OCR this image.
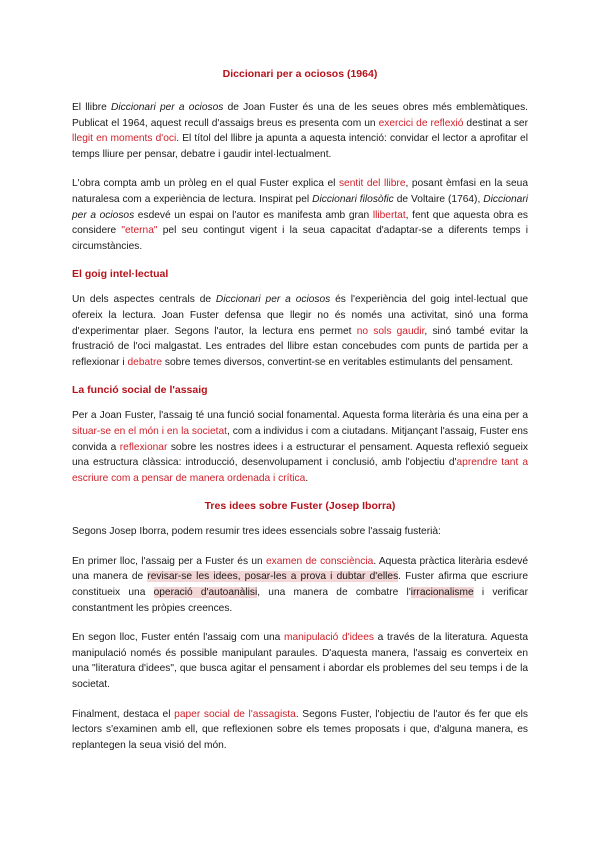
Diccionari per a ociosos (1964)

El llibre Diccionari per a ociosos de Joan Fuster és una de les seues obres més emblemàtiques. Publicat el 1964, aquest recull d'assaigs breus es presenta com un exercici de reflexió destinat a ser llegit en moments d'oci. El títol del llibre ja apunta a aquesta intenció: convidar el lector a aprofitar el temps lliure per pensar, debatre i gaudir intel·lectualment.

L'obra compta amb un pròleg en el qual Fuster explica el sentit del llibre, posant èmfasi en la seua naturalesa com a experiència de lectura. Inspirat pel Diccionari filosòfic de Voltaire (1764), Diccionari per a ociosos esdevé un espai on l'autor es manifesta amb gran llibertat, fent que aquesta obra es considere "eterna" pel seu contingut vigent i la seua capacitat d'adaptar-se a diferents temps i circumstàncies.

El goig intel·lectual

Un dels aspectes centrals de Diccionari per a ociosos és l'experiència del goig intel·lectual que ofereix la lectura. Joan Fuster defensa que llegir no és només una activitat, sinó una forma d'experimentar plaer. Segons l'autor, la lectura ens permet no sols gaudir, sinó també evitar la frustració de l'oci malgastat. Les entrades del llibre estan concebudes com punts de partida per a reflexionar i debatre sobre temes diversos, convertint-se en veritables estimulants del pensament.

La funció social de l'assaig

Per a Joan Fuster, l'assaig té una funció social fonamental. Aquesta forma literària és una eina per a situar-se en el món i en la societat, com a individus i com a ciutadans. Mitjançant l'assaig, Fuster ens convida a reflexionar sobre les nostres idees i a estructurar el pensament. Aquesta reflexió segueix una estructura clàssica: introducció, desenvolupament i conclusió, amb l'objectiu d'aprendre tant a escriure com a pensar de manera ordenada i crítica.

Tres idees sobre Fuster (Josep Iborra)

Segons Josep Iborra, podem resumir tres idees essencials sobre l'assaig fusterià:

En primer lloc, l'assaig per a Fuster és un examen de consciència. Aquesta pràctica literària esdevé una manera de revisar-se les idees, posar-les a prova i dubtar d'elles. Fuster afirma que escriure constitueix una operació d'autoanàlisi, una manera de combatre l'irracionalisme i verificar constantment les pròpies creences.

En segon lloc, Fuster entén l'assaig com una manipulació d'idees a través de la literatura. Aquesta manipulació només és possible manipulant paraules. D'aquesta manera, l'assaig es converteix en una "literatura d'idees", que busca agitar el pensament i abordar els problemes del seu temps i de la societat.

Finalment, destaca el paper social de l'assagista. Segons Fuster, l'objectiu de l'autor és fer que els lectors s'examinen amb ell, que reflexionen sobre els temes proposats i que, d'alguna manera, es replantegen la seua visió del món.
